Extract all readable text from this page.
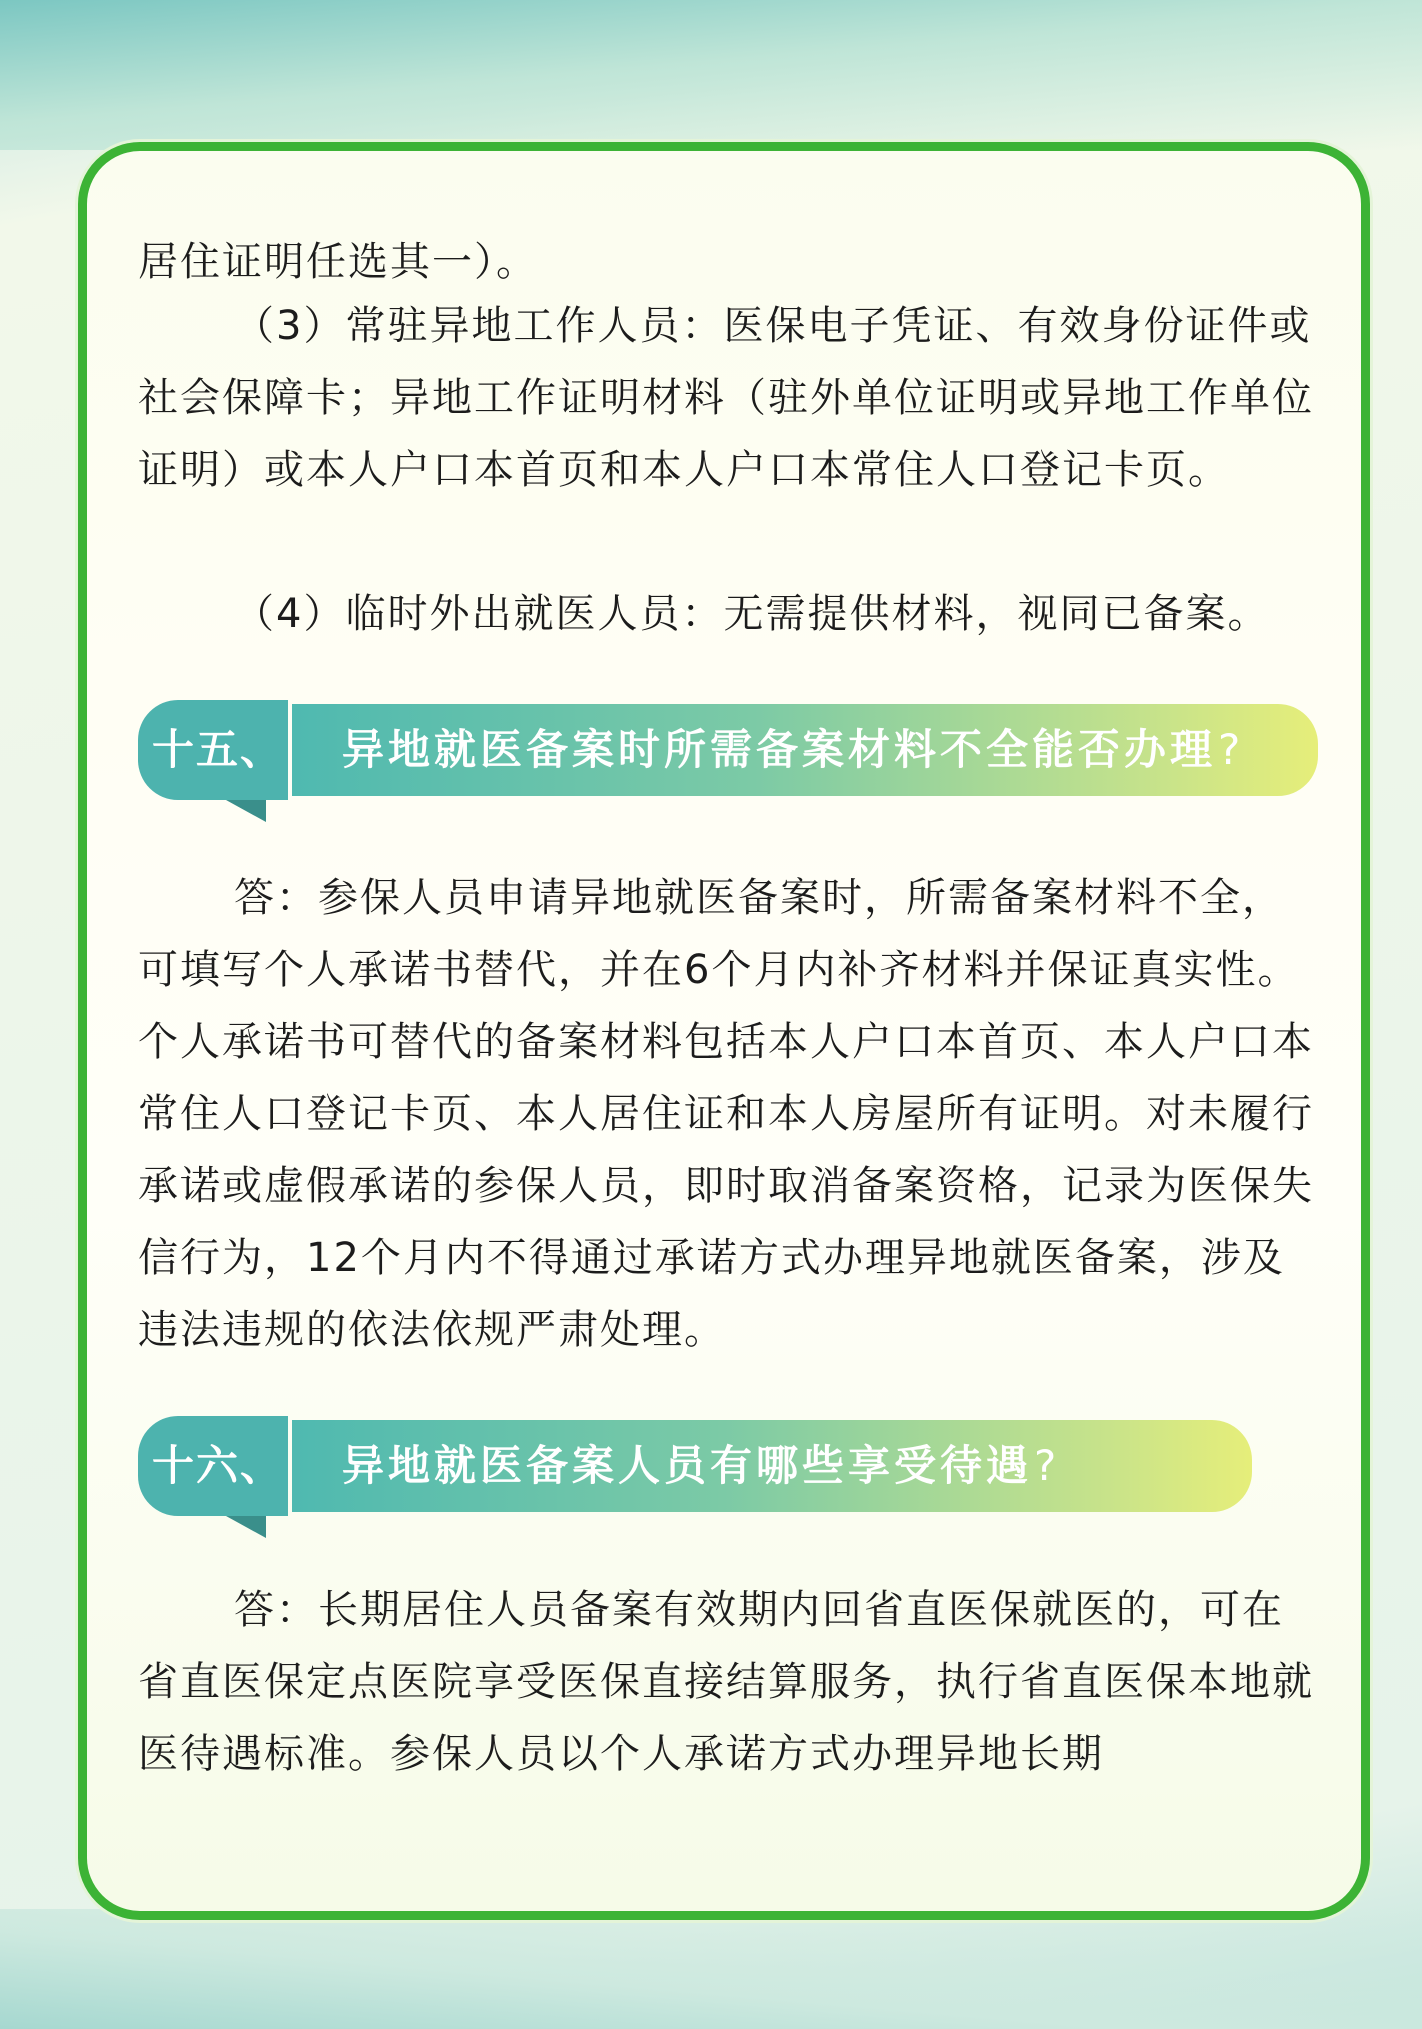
居住证明任选其一）。

（3）常驻异地工作人员：医保电子凭证、有效身份证件或社会保障卡；异地工作证明材料（驻外单位证明或异地工作单位证明）或本人户口本首页和本人户口本常住人口登记卡页。

（4）临时外出就医人员：无需提供材料，视同已备案。

十五、	异地就医备案时所需备案材料不全能否办理?

答：参保人员申请异地就医备案时，所需备案材料不全，可填写个人承诺书替代，并在6个月内补齐材料并保证真实性。个人承诺书可替代的备案材料包括本人户口本首页、本人户口本常住人口登记卡页、本人居住证和本人房屋所有证明。对未履行承诺或虚假承诺的参保人员，即时取消备案资格，记录为医保失信行为，12个月内不得通过承诺方式办理异地就医备案，涉及违法违规的依法依规严肃处理。

十六、	异地就医备案人员有哪些享受待遇?

答：长期居住人员备案有效期内回省直医保就医的，可在省直医保定点医院享受医保直接结算服务，执行省直医保本地就医待遇标准。参保人员以个人承诺方式办理异地长期
